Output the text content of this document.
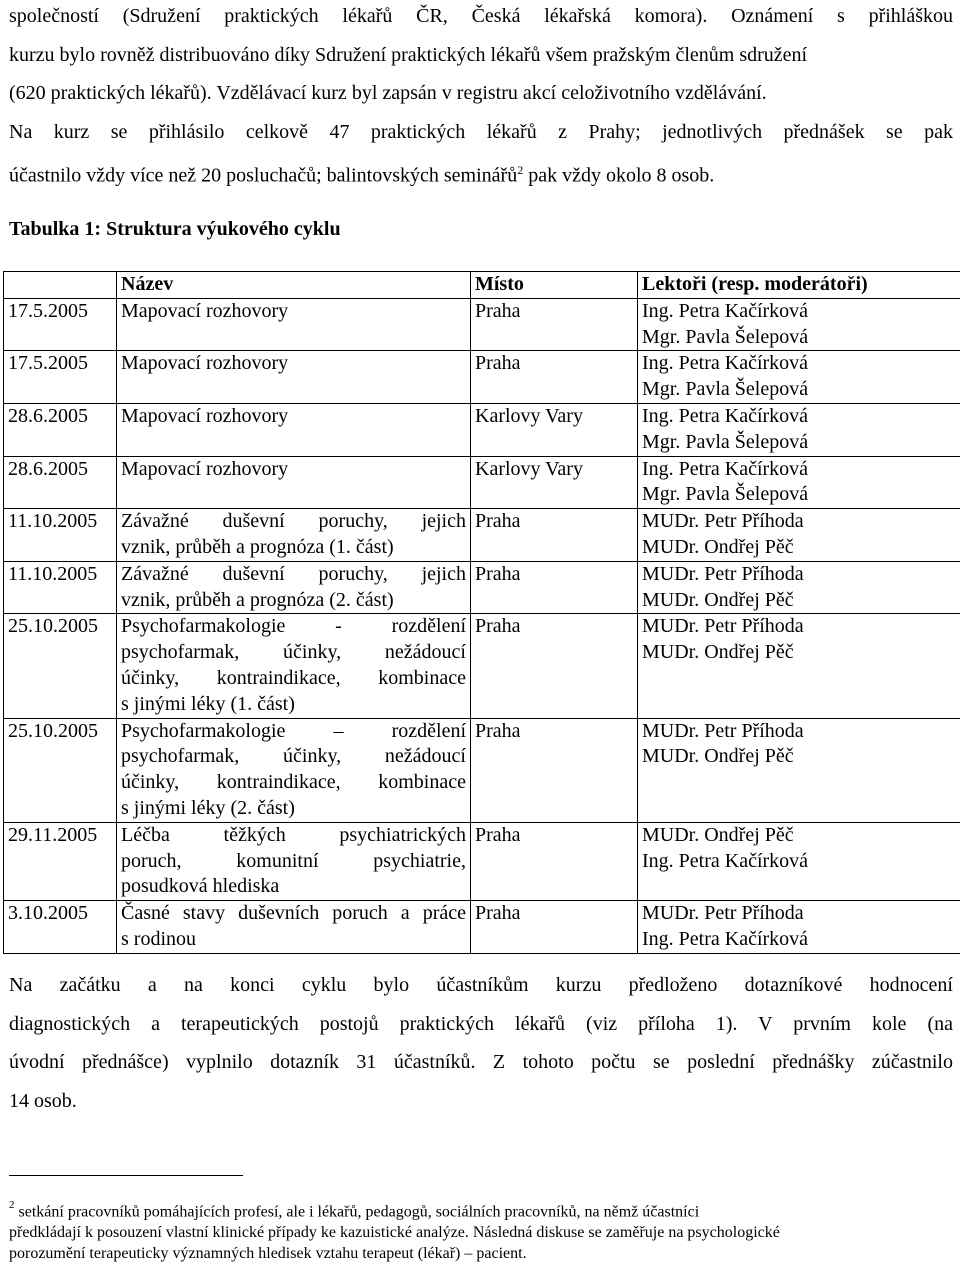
společností (Sdružení praktických lékařů ČR, Česká lékařská komora). Oznámení s přihláškou
kurzu bylo rovněž distribuováno díky Sdružení praktických lékařů všem pražským členům sdružení
(620 praktických lékařů). Vzdělávací kurz byl zapsán v registru akcí celoživotního vzdělávání.
Na kurz se přihlásilo celkově 47 praktických lékařů z Prahy; jednotlivých přednášek se pak
účastnilo vždy více než 20 posluchačů; balintovských seminářů$^2$ pak vždy okolo 8 osob.

Tabulka 1: Struktura výukového cyklu

	Název	Místo	Lektoři (resp. moderátoři)
17.5.2005	Mapovací rozhovory	Praha	Ing. Petra Kačírková
Mgr. Pavla Šelepová

17.5.2005	Mapovací rozhovory	Praha	Ing. Petra Kačírková
Mgr. Pavla Šelepová

28.6.2005	Mapovací rozhovory	Karlovy Vary	Ing. Petra Kačírková
Mgr. Pavla Šelepová

28.6.2005	Mapovací rozhovory	Karlovy Vary	Ing. Petra Kačírková
Mgr. Pavla Šelepová

11.10.2005	Závažné duševní poruchy, jejich
vznik, průběh a prognóza (1. část)	Praha	MUDr. Petr Příhoda
MUDr. Ondřej Pěč

11.10.2005	Závažné duševní poruchy, jejich
vznik, průběh a prognóza (2. část)	Praha	MUDr. Petr Příhoda
MUDr. Ondřej Pěč

25.10.2005	Psychofarmakologie - rozdělení
psychofarmak, účinky, nežádoucí
účinky, kontraindikace, kombinace
s jinými léky (1. část)	Praha	MUDr. Petr Příhoda
MUDr. Ondřej Pěč

25.10.2005	Psychofarmakologie – rozdělení
psychofarmak, účinky, nežádoucí
účinky, kontraindikace, kombinace
s jinými léky (2. část)	Praha	MUDr. Petr Příhoda
MUDr. Ondřej Pěč

29.11.2005	Léčba těžkých psychiatrických
poruch, komunitní psychiatrie,
posudková hlediska	Praha	MUDr. Ondřej Pěč
Ing. Petra Kačírková

3.10.2005	Časné stavy duševních poruch a práce
s rodinou	Praha	MUDr. Petr Příhoda
Ing. Petra Kačírková
Na začátku a na konci cyklu bylo účastníkům kurzu předloženo dotazníkové hodnocení
diagnostických a terapeutických postojů praktických lékařů (viz příloha 1). V prvním kole (na
úvodní přednášce) vyplnilo dotazník 31 účastníků. Z tohoto počtu se poslední přednášky zúčastnilo
14 osob.

$^2$ setkání pracovníků pomáhajících profesí, ale i lékařů, pedagogů, sociálních pracovníků, na němž účastníci
předkládají k posouzení vlastní klinické případy ke kazuistické analýze. Následná diskuse se zaměřuje na psychologické
porozumění terapeuticky významných hledisek vztahu terapeut (lékař) – pacient.
